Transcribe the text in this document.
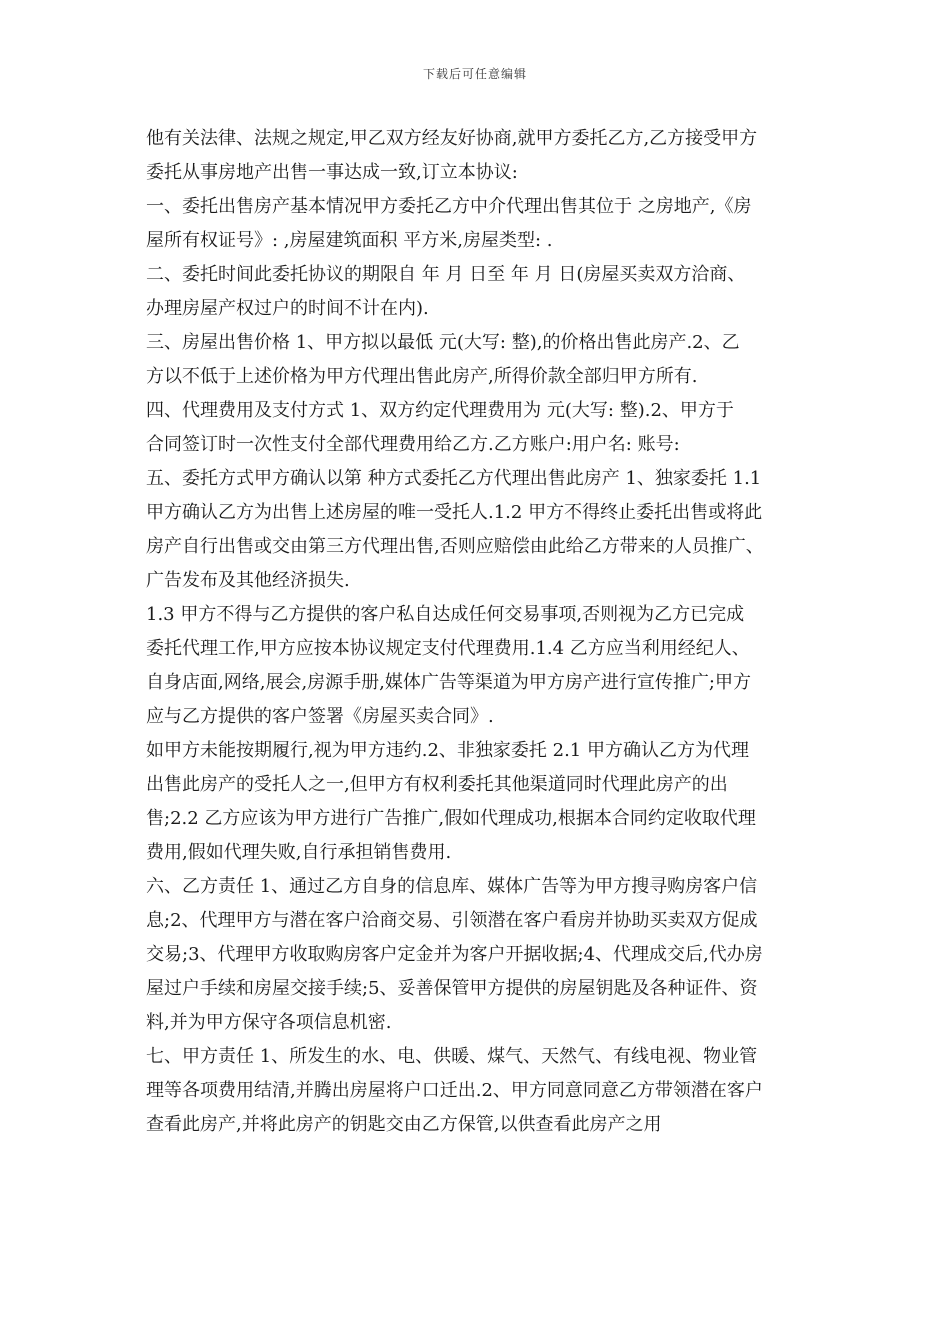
下载后可任意编辑
他有关法律、法规之规定,甲乙双方经友好协商,就甲方委托乙方,乙方接受甲方
委托从事房地产出售一事达成一致,订立本协议:
一、委托出售房产基本情况甲方委托乙方中介代理出售其位于 之房地产,《房
屋所有权证号》: ,房屋建筑面积 平方米,房屋类型: .
二、委托时间此委托协议的期限自 年 月 日至 年 月 日(房屋买卖双方洽商、
办理房屋产权过户的时间不计在内).
三、房屋出售价格 1、甲方拟以最低 元(大写: 整),的价格出售此房产.2、乙
方以不低于上述价格为甲方代理出售此房产,所得价款全部归甲方所有.
四、代理费用及支付方式 1、双方约定代理费用为 元(大写: 整).2、甲方于
合同签订时一次性支付全部代理费用给乙方.乙方账户:用户名: 账号:
五、委托方式甲方确认以第 种方式委托乙方代理出售此房产 1、独家委托 1.1
甲方确认乙方为出售上述房屋的唯一受托人.1.2 甲方不得终止委托出售或将此
房产自行出售或交由第三方代理出售,否则应赔偿由此给乙方带来的人员推广、
广告发布及其他经济损失.
1.3 甲方不得与乙方提供的客户私自达成任何交易事项,否则视为乙方已完成
委托代理工作,甲方应按本协议规定支付代理费用.1.4 乙方应当利用经纪人、
自身店面,网络,展会,房源手册,媒体广告等渠道为甲方房产进行宣传推广;甲方
应与乙方提供的客户签署《房屋买卖合同》.
如甲方未能按期履行,视为甲方违约.2、非独家委托 2.1 甲方确认乙方为代理
出售此房产的受托人之一,但甲方有权利委托其他渠道同时代理此房产的出
售;2.2 乙方应该为甲方进行广告推广,假如代理成功,根据本合同约定收取代理
费用,假如代理失败,自行承担销售费用.
六、乙方责任 1、通过乙方自身的信息库、媒体广告等为甲方搜寻购房客户信
息;2、代理甲方与潜在客户洽商交易、引领潜在客户看房并协助买卖双方促成
交易;3、代理甲方收取购房客户定金并为客户开据收据;4、代理成交后,代办房
屋过户手续和房屋交接手续;5、妥善保管甲方提供的房屋钥匙及各种证件、资
料,并为甲方保守各项信息机密.
七、甲方责任 1、所发生的水、电、供暖、煤气、天然气、有线电视、物业管
理等各项费用结清,并腾出房屋将户口迁出.2、甲方同意同意乙方带领潜在客户
查看此房产,并将此房产的钥匙交由乙方保管,以供查看此房产之用
